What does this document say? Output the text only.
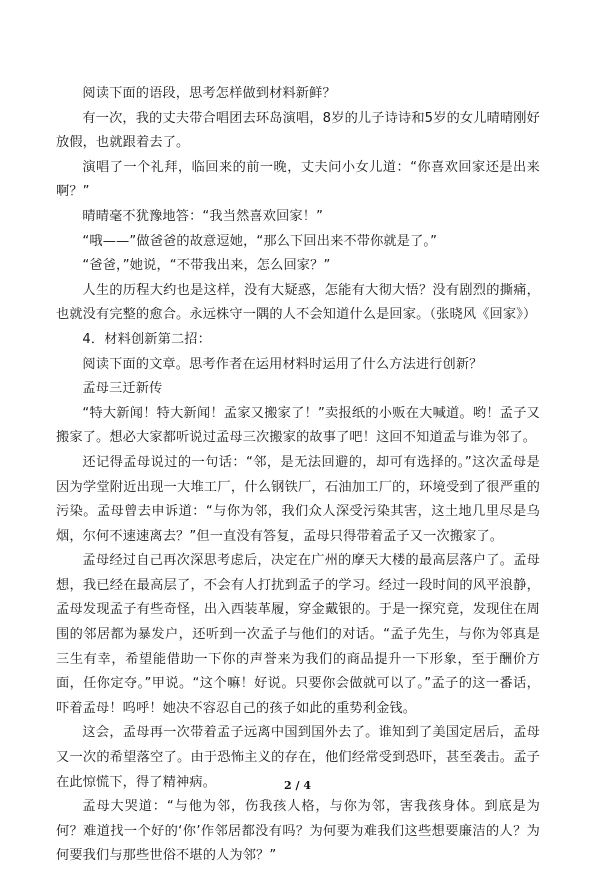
阅读下面的语段，思考怎样做到材料新鲜？

有一次，我的丈夫带合唱团去环岛演唱，8岁的儿子诗诗和5岁的女儿晴晴刚好放假，也就跟着去了。

演唱了一个礼拜，临回来的前一晚，丈夫问小女儿道：“你喜欢回家还是出来啊？”

晴晴毫不犹豫地答：“我当然喜欢回家！”

“哦——”做爸爸的故意逗她，“那么下回出来不带你就是了。”

“爸爸，”她说，“不带我出来，怎么回家？”

人生的历程大约也是这样，没有大疑惑，怎能有大彻大悟？没有剧烈的撕痛，也就没有完整的愈合。永远株守一隅的人不会知道什么是回家。（张晓风《回家》）

4．材料创新第二招：

阅读下面的文章。思考作者在运用材料时运用了什么方法进行创新？

孟母三迁新传

“特大新闻！特大新闻！孟家又搬家了！”卖报纸的小贩在大喊道。哟！孟子又搬家了。想必大家都听说过孟母三次搬家的故事了吧！这回不知道孟与谁为邻了。

还记得孟母说过的一句话：“邻，是无法回避的，却可有选择的。”这次孟母是因为学堂附近出现一大堆工厂，什么钢铁厂，石油加工厂的，环境受到了很严重的污染。孟母曾去申诉道：“与你为邻，我们众人深受污染其害，这土地几里尽是乌烟，尔何不速速离去？”但一直没有答复，孟母只得带着孟子又一次搬家了。

孟母经过自己再次深思考虑后，决定在广州的摩天大楼的最高层落户了。孟母想，我已经在最高层了，不会有人打扰到孟子的学习。经过一段时间的风平浪静，孟母发现孟子有些奇怪，出入西装革履，穿金戴银的。于是一探究竟，发现住在周围的邻居都为暴发户，还听到一次孟子与他们的对话。“孟子先生，与你为邻真是三生有幸，希望能借助一下你的声誉来为我们的商品提升一下形象，至于酬价方面，任你定夺。”甲说。“这个嘛！好说。只要你会做就可以了。”孟子的这一番话，吓着孟母！呜呼！她决不容忍自己的孩子如此的重势利金钱。

这会，孟母再一次带着孟子远离中国到国外去了。谁知到了美国定居后，孟母又一次的希望落空了。由于恐怖主义的存在，他们经常受到恐吓，甚至袭击。孟子在此惊慌下，得了精神病。

孟母大哭道：“与他为邻，伤我孩人格，与你为邻，害我孩身体。到底是为何？难道找一个好的‘你’作邻居都没有吗？为何要为难我们这些想要廉洁的人？为何要我们与那些世俗不堪的人为邻？”

2 / 4
